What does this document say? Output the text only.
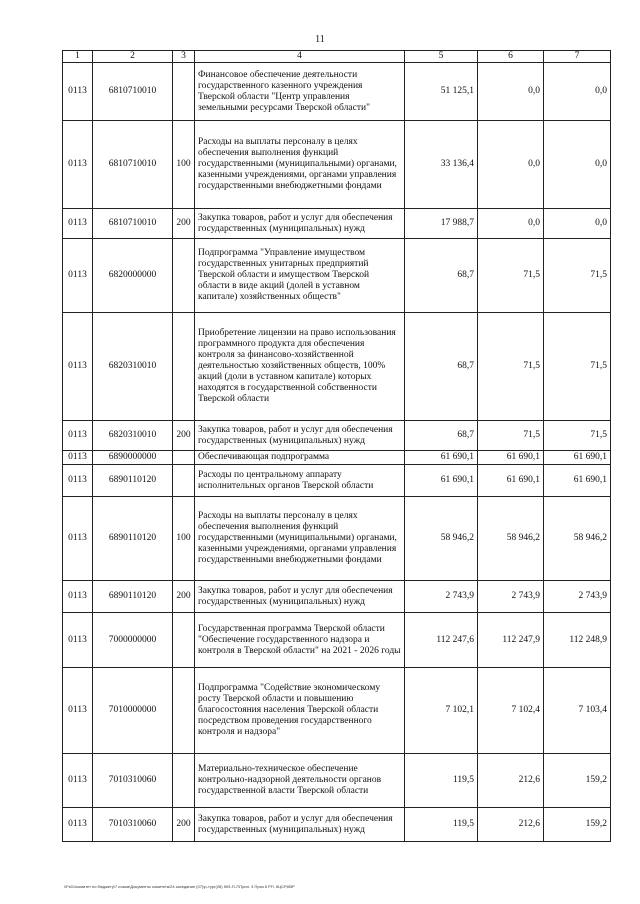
11
1	2	3	4	5	6	7
0113	6810710010		Финансовое обеспечение деятельности государственного казенного учреждения Тверской области "Центр управления земельными ресурсами Тверской области"	51 125,1	0,0	0,0
0113	6810710010	100	Расходы на выплаты персоналу в целях обеспечения выполнения функций государственными (муниципальными) органами, казенными учреждениями, органами управления государственными внебюджетными фондами	33 136,4	0,0	0,0
0113	6810710010	200	Закупка товаров, работ и услуг для обеспечения государственных (муниципальных) нужд	17 988,7	0,0	0,0
0113	6820000000		Подпрограмма "Управление имуществом государственных унитарных предприятий Тверской области и имуществом Тверской области в виде акций (долей в уставном капитале) хозяйственных обществ"	68,7	71,5	71,5
0113	6820310010		Приобретение лицензии на право использования программного продукта для обеспечения контроля за финансово-хозяйственной деятельностью хозяйственных обществ, 100% акций (доли в уставном капитале) которых находятся в государственной собственности Тверской области	68,7	71,5	71,5
0113	6820310010	200	Закупка товаров, работ и услуг для обеспечения государственных (муниципальных) нужд	68,7	71,5	71,5
0113	6890000000		Обеспечивающая подпрограмма	61 690,1	61 690,1	61 690,1
0113	6890110120		Расходы по центральному аппарату исполнительных органов Тверской области	61 690,1	61 690,1	61 690,1
0113	6890110120	100	Расходы на выплаты персоналу в целях обеспечения выполнения функций государственными (муниципальными) органами, казенными учреждениями, органами управления государственными внебюджетными фондами	58 946,2	58 946,2	58 946,2
0113	6890110120	200	Закупка товаров, работ и услуг для обеспечения государственных (муниципальных) нужд	2 743,9	2 743,9	2 743,9
0113	7000000000		Государственная программа Тверской области "Обеспечение государственного надзора и контроля в Тверской области" на 2021 - 2026 годы	112 247,6	112 247,9	112 248,9
0113	7010000000		Подпрограмма "Содействие экономическому росту Тверской области и повышению благосостояния населения Тверской области посредством проведения государственного контроля и надзора"	7 102,1	7 102,4	7 103,4
0113	7010310060		Материально-техническое обеспечение контрольно-надзорной деятельности органов государственной власти Тверской области	119,5	212,6	159,2
0113	7010310060	200	Закупка товаров, работ и услуг для обеспечения государственных (муниципальных) нужд	119,5	212,6	159,2
\\Fs01\комитет по бюджету\7 созыв\Документы комитета\24 заседание (07)\р-тург(28) 509-П-7\Прил. 3 Приз 6 РП, КЦСР,КВР
